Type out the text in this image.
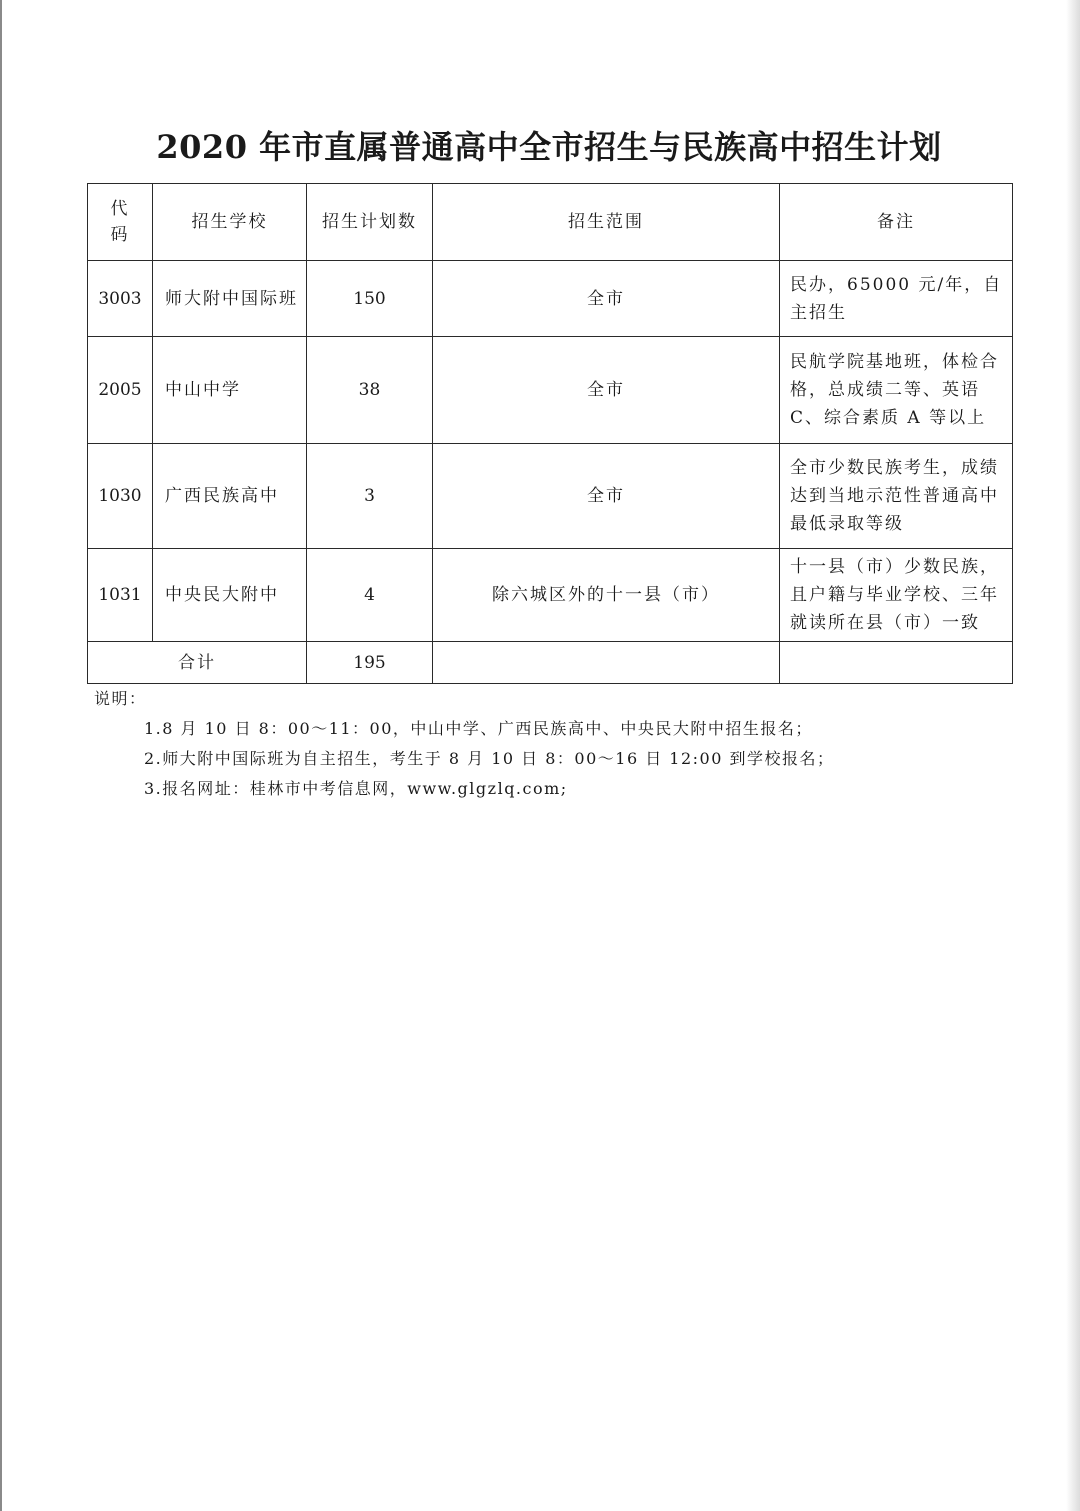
2020 年市直属普通高中全市招生与民族高中招生计划
代
码	招生学校	招生计划数	招生范围	备注
3003	师大附中国际班	150	全市	民办，65000 元/年，自主招生
2005	中山中学	38	全市	民航学院基地班，体检合格，总成绩二等、英语 C、综合素质 A 等以上
1030	广西民族高中	3	全市	全市少数民族考生，成绩达到当地示范性普通高中最低录取等级
1031	中央民大附中	4	除六城区外的十一县（市）	十一县（市）少数民族，且户籍与毕业学校、三年就读所在县（市）一致
合计		195		
说明：
1.8 月 10 日 8：00～11：00，中山中学、广西民族高中、中央民大附中招生报名；
2.师大附中国际班为自主招生，考生于 8 月 10 日 8：00～16 日 12:00 到学校报名；
3.报名网址：桂林市中考信息网，www.glgzlq.com;
